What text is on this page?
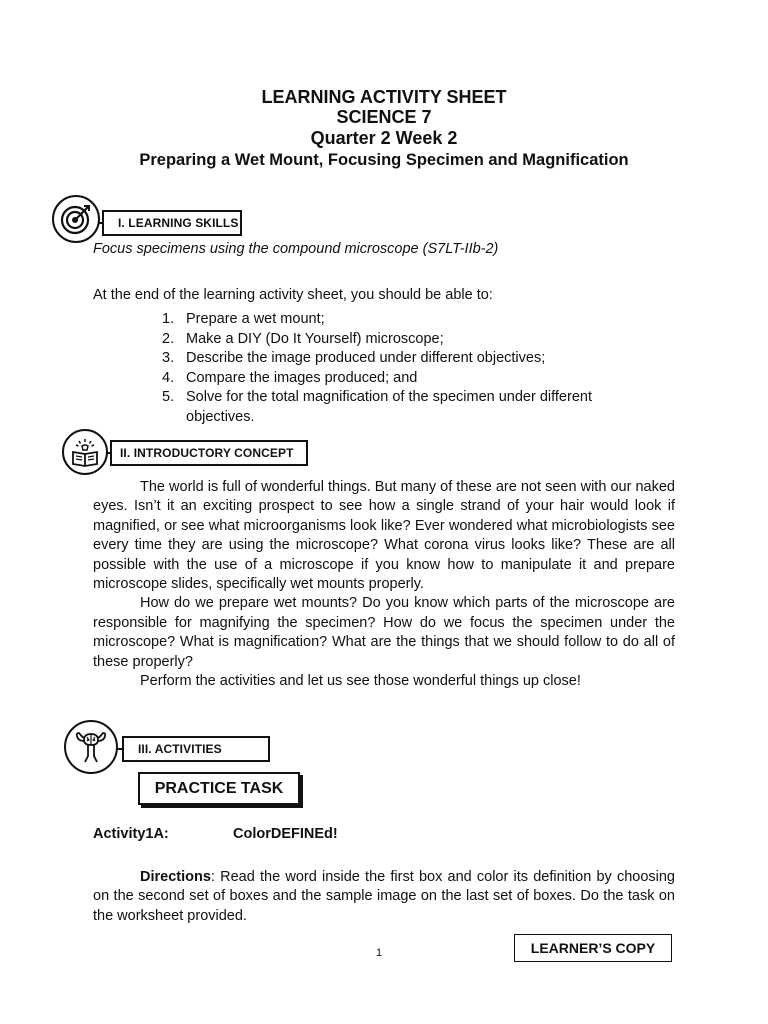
LEARNING ACTIVITY SHEET
SCIENCE 7
Quarter 2 Week 2
Preparing a Wet Mount, Focusing Specimen and Magnification
I. LEARNING SKILLS
Focus specimens using the compound microscope (S7LT-IIb-2)
At the end of the learning activity sheet, you should be able to:
1. Prepare a wet mount;
2. Make a DIY (Do It Yourself) microscope;
3. Describe the image produced under different objectives;
4. Compare the images produced; and
5. Solve for the total magnification of the specimen under different objectives.
II. INTRODUCTORY CONCEPT

The world is full of wonderful things. But many of these are not seen with our naked eyes. Isn’t it an exciting prospect to see how a single strand of your hair would look if magnified, or see what microorganisms look like? Ever wondered what microbiologists see every time they are using the microscope? What corona virus looks like? These are all possible with the use of a microscope if you know how to manipulate it and prepare microscope slides, specifically wet mounts properly.

How do we prepare wet mounts? Do you know which parts of the microscope are responsible for magnifying the specimen? How do we focus the specimen under the microscope? What is magnification? What are the things that we should follow to do all of these properly?

Perform the activities and let us see those wonderful things up close!

III. ACTIVITIES
PRACTICE TASK
Activity1A:	ColorDEFINEd!

Directions: Read the word inside the first box and color its definition by choosing on the second set of boxes and the sample image on the last set of boxes. Do the task on the worksheet provided.

1	LEARNER’S COPY
